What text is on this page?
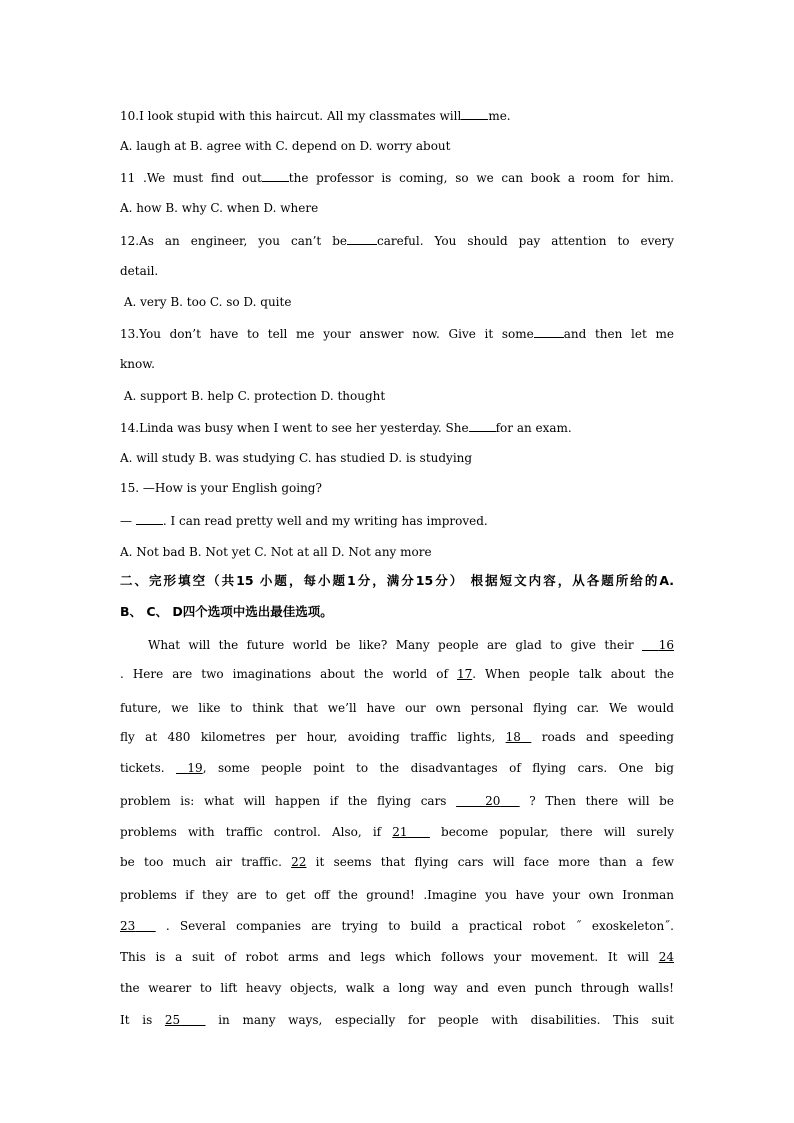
10.I look stupid with this haircut. All my classmates will me.
A. laugh at B. agree with C. depend on D. worry about
11 .We must find out the professor is coming, so we can book a room for him.
A. how B. why C. when D. where
12.As an engineer, you can’t be	careful. You should pay attention to every
detail.
A. very B. too C. so D. quite
13.You don’t have to tell me your answer now. Give it some	and then let me
know.
A. support B. help C. protection D. thought
14.Linda was busy when I went to see her yesterday. She for an exam.
A. will study B. was studying C. has studied D. is studying
15. —How is your English going?
— . I can read pretty well and my writing has improved.
A. Not bad B. Not yet C. Not at all D. Not any more
二、完形填空（共15 小题，每小题1分，满分15分） 根据短文内容，从各题所给的A.
B、 C、 D四个选项中选出最佳选项。
What will the future world be like? Many people are glad to give their   16
. Here are two imaginations about the world of 17. When people talk about the
future, we like to think that we’ll have our own personal flying car. We would
fly at 480 kilometres per hour, avoiding traffic lights, 18  roads and speeding
tickets.  19, some people point to the disadvantages of flying cars. One big
problem is: what will happen if the flying cars    20   ? Then there will be
problems with traffic control. Also, if 21   become popular, there will surely
be too much air traffic. 22 it seems that flying cars will face more than a few
problems if they are to get off the ground! .Imagine you have your own Ironman
23   . Several companies are trying to build a practical robot ˝ exoskeleton˝.
This is a suit of robot arms and legs which follows your movement. It will 24
the wearer to lift heavy objects, walk a long way and even punch through walls!
It is 25   in many ways, especially for people with disabilities. This suit
